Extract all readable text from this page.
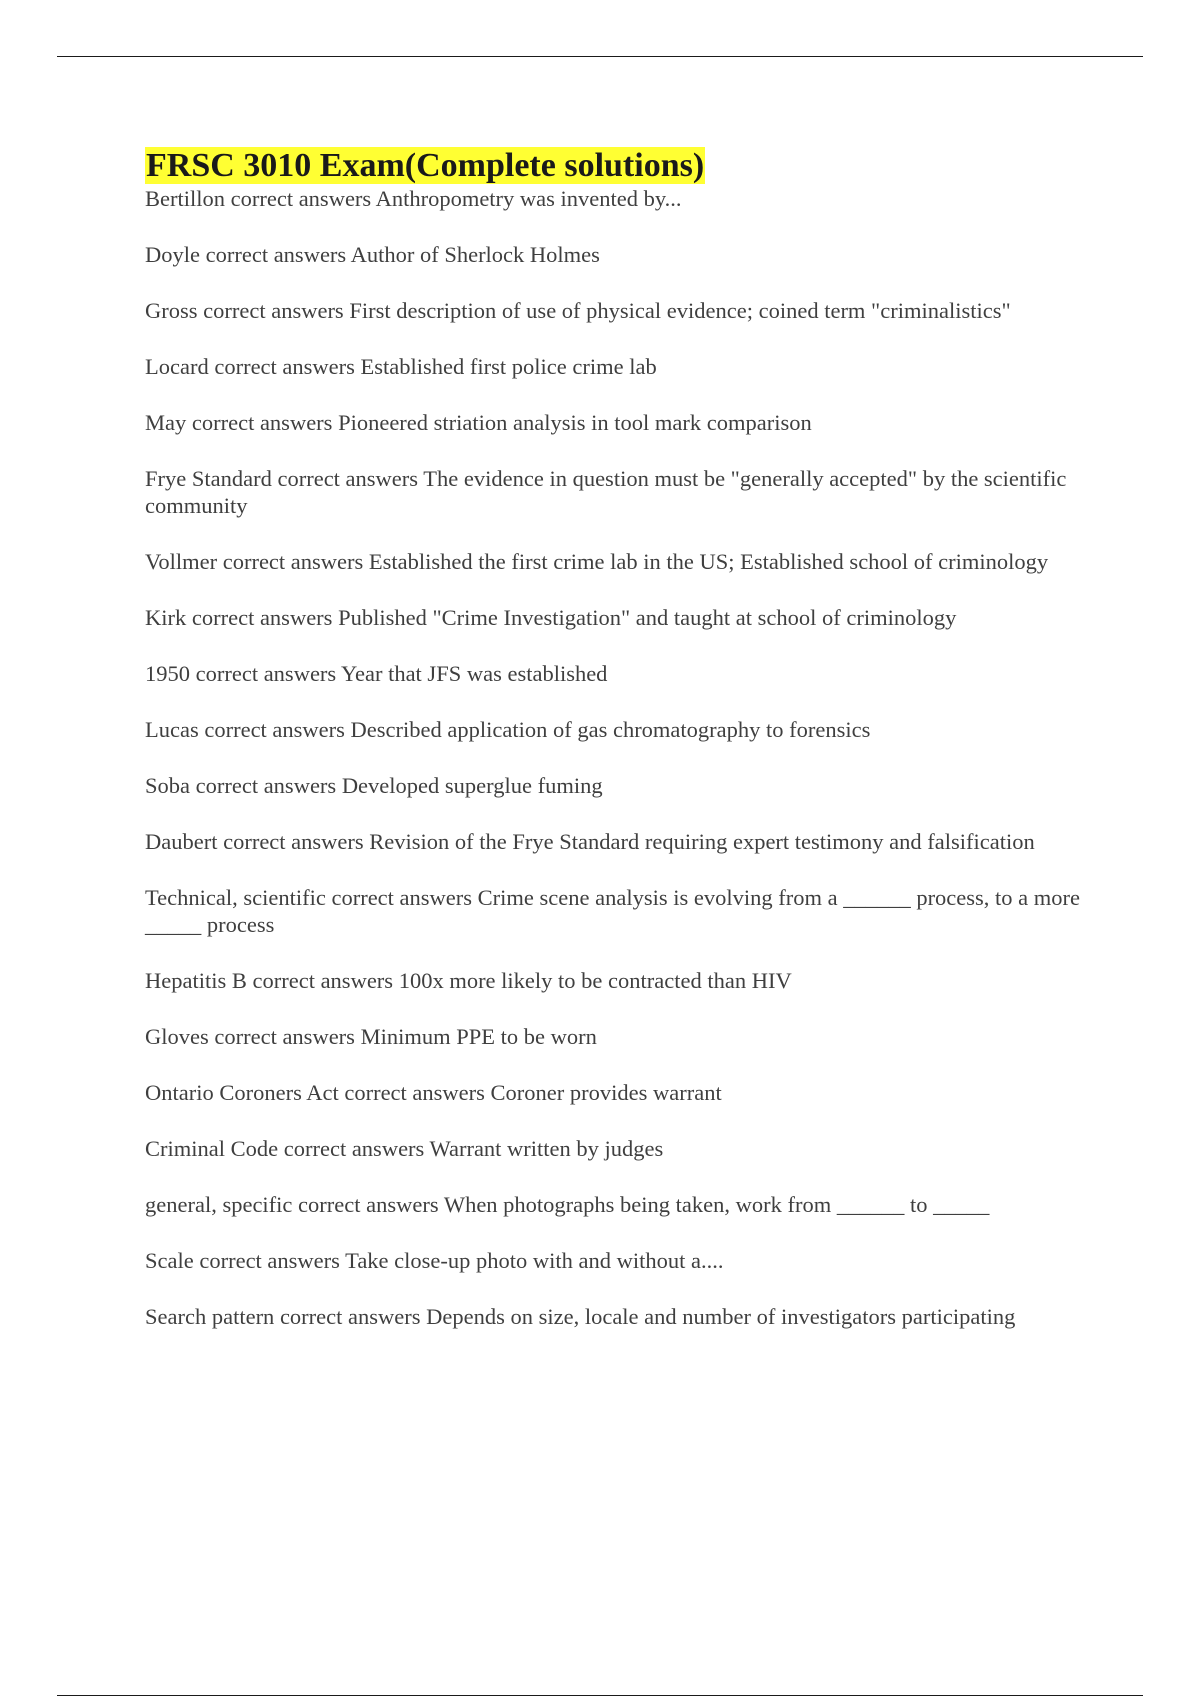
FRSC 3010 Exam(Complete solutions)
Bertillon correct answers Anthropometry was invented by...
Doyle correct answers Author of Sherlock Holmes
Gross correct answers First description of use of physical evidence; coined term "criminalistics"
Locard correct answers Established first police crime lab
May correct answers Pioneered striation analysis in tool mark comparison
Frye Standard correct answers The evidence in question must be "generally accepted" by the scientific community
Vollmer correct answers Established the first crime lab in the US; Established school of criminology
Kirk correct answers Published "Crime Investigation" and taught at school of criminology
1950 correct answers Year that JFS was established
Lucas correct answers Described application of gas chromatography to forensics
Soba correct answers Developed superglue fuming
Daubert correct answers Revision of the Frye Standard requiring expert testimony and falsification
Technical, scientific correct answers Crime scene analysis is evolving from a ______ process, to a more _____ process
Hepatitis B correct answers 100x more likely to be contracted than HIV
Gloves correct answers Minimum PPE to be worn
Ontario Coroners Act correct answers Coroner provides warrant
Criminal Code correct answers Warrant written by judges
general, specific correct answers When photographs being taken, work from ______ to _____
Scale correct answers Take close-up photo with and without a....
Search pattern correct answers Depends on size, locale and number of investigators participating
